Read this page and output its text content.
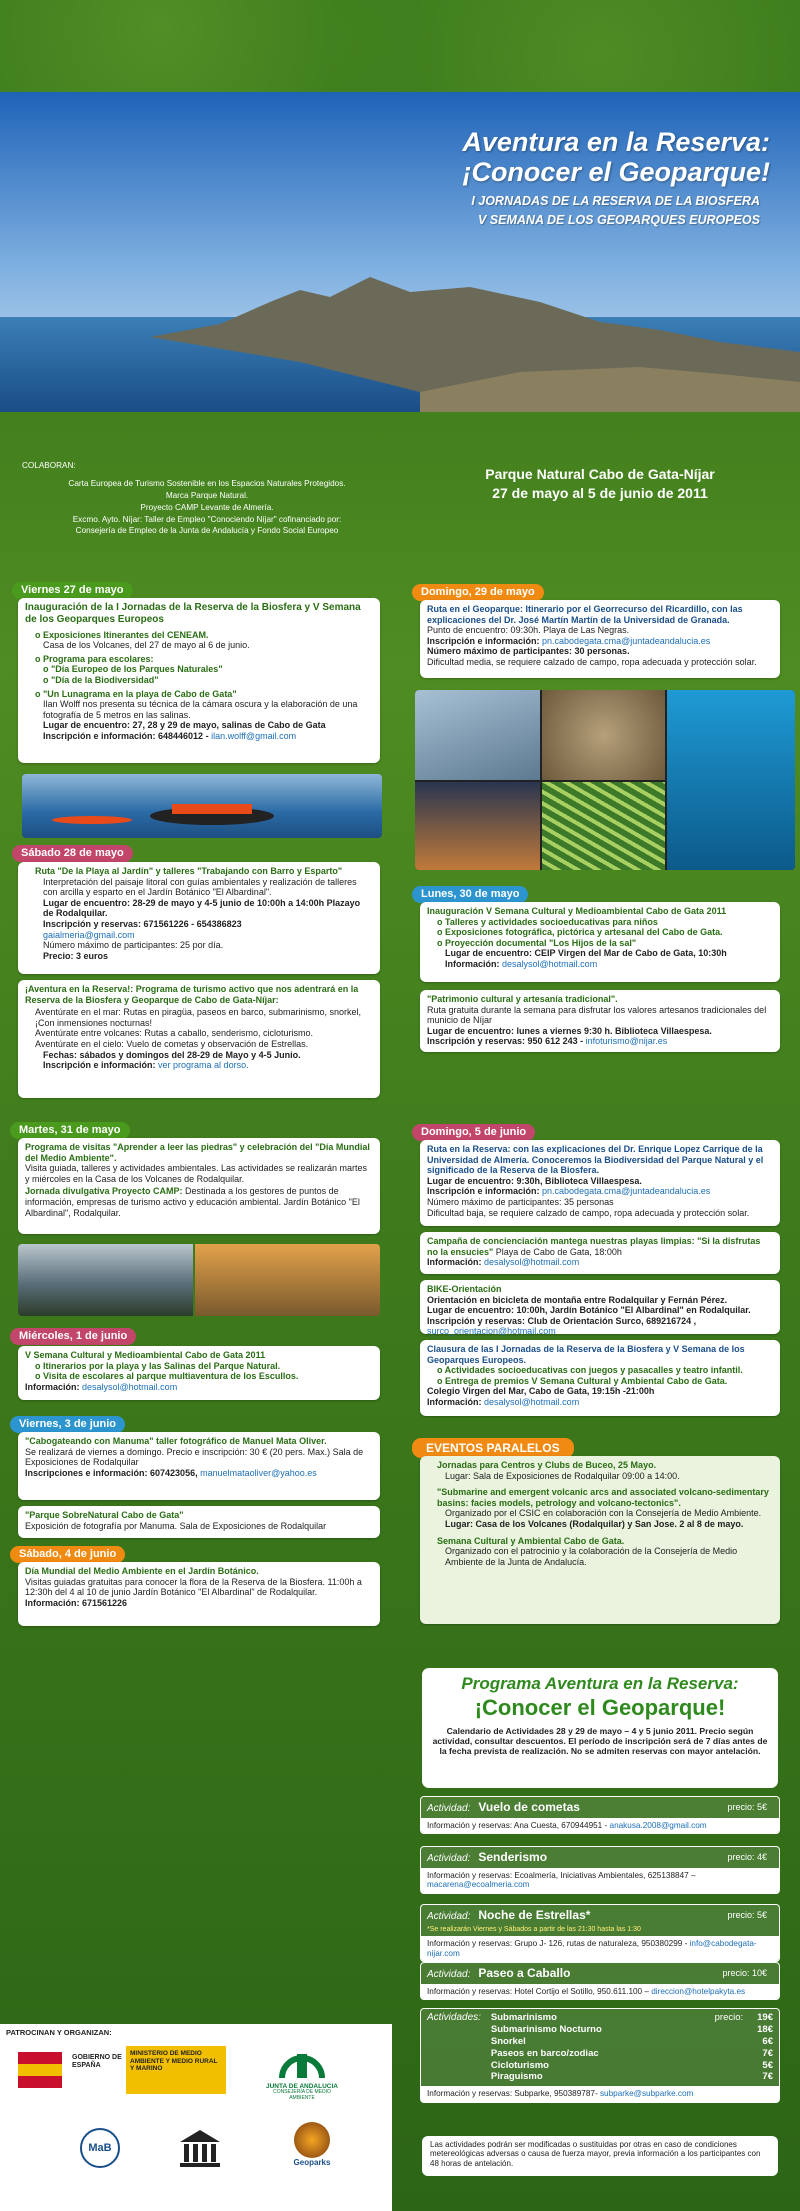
Aventura en la Reserva:
¡Conocer el Geoparque!
I JORNADAS DE LA RESERVA DE LA BIOSFERA
V SEMANA DE LOS GEOPARQUES EUROPEOS
COLABORAN:
Carta Europea de Turismo Sostenible en los Espacios Naturales Protegidos.
Marca Parque Natural.
Proyecto CAMP Levante de Almería.
Excmo. Ayto. Níjar: Taller de Empleo "Conociendo Níjar" cofinanciado por:
Consejería de Empleo de la Junta de Andalucía y Fondo Social Europeo
Parque Natural Cabo de Gata-Níjar
27 de mayo al 5 de junio de 2011
Viernes 27 de mayo
Inauguración de la I Jornadas de la Reserva de la Biosfera y V Semana de los Geoparques Europeos
o Exposiciones Itinerantes del CENEAM.
Casa de los Volcanes, del 27 de mayo al 6 de junio.
o Programa para escolares:
o "Día Europeo de los Parques Naturales"
o "Día de la Biodiversidad"
o "Un Lunagrama en la playa de Cabo de Gata"
Ilan Wolff nos presenta su técnica de la cámara oscura y la elaboración de una fotografía de 5 metros en las salinas.
Lugar de encuentro: 27, 28 y 29 de mayo, salinas de Cabo de Gata
Inscripción e información: 648446012 - ilan.wolff@gmail.com
Sábado 28 de mayo
Ruta "De la Playa al Jardín" y talleres "Trabajando con Barro y Esparto"
Interpretación del paisaje litoral con guías ambientales y realización de talleres con arcilla y esparto en el Jardín Botánico "El Albardinal".
Lugar de encuentro: 28-29 de mayo y 4-5 junio de 10:00h a 14:00h Plazayo de Rodalquilar.
Inscripción y reservas: 671561226 - 654386823
gaialmeria@gmail.com
Número máximo de participantes: 25 por día.
Precio: 3 euros
¡Aventura en la Reserva!: Programa de turismo activo que nos adentrará en la Reserva de la Biosfera y Geoparque de Cabo de Gata-Níjar:
Aventúrate en el mar: Rutas en piragüa, paseos en barco, submarinismo, snorkel, ¡Con inmensiones nocturnas!
Aventúrate entre volcanes: Rutas a caballo, senderismo, cicloturismo.
Aventúrate en el cielo: Vuelo de cometas y observación de Estrellas.
Fechas: sábados y domingos del 28-29 de Mayo y 4-5 Junio.
Inscripción e información: ver programa al dorso.
Domingo, 29 de mayo
Ruta en el Geoparque: Itinerario por el Georrecurso del Ricardillo, con las explicaciones del Dr. José Martín Martín de la Universidad de Granada.
Punto de encuentro: 09:30h. Playa de Las Negras.
Inscripción e información: pn.cabodegata.cma@juntadeandalucia.es
Número máximo de participantes: 30 personas.
Dificultad media, se requiere calzado de campo, ropa adecuada y protección solar.
Lunes, 30 de mayo
Inauguración V Semana Cultural y Medioambiental Cabo de Gata 2011
o Talleres y actividades socioeducativas para niños
o Exposiciones fotográfica, pictórica y artesanal del Cabo de Gata.
o Proyección documental "Los Hijos de la sal"
Lugar de encuentro: CEIP Virgen del Mar de Cabo de Gata, 10:30h
Información: desalysol@hotmail.com
"Patrimonio cultural y artesanía tradicional".
Ruta gratuita durante la semana para disfrutar los valores artesanos tradicionales del municio de Níjar
Lugar de encuentro: lunes a viernes 9:30 h. Biblioteca Villaespesa.
Inscripción y reservas: 950 612 243 - infoturismo@nijar.es
Martes, 31 de mayo
Programa de visitas "Aprender a leer las piedras" y celebración del "Día Mundial del Medio Ambiente".
Visita guiada, talleres y actividades ambientales. Las actividades se realizarán martes y miércoles en la Casa de los Volcanes de Rodalquilar.
Jornada divulgativa Proyecto CAMP: Destinada a los gestores de puntos de información, empresas de turismo activo y educación ambiental. Jardín Botánico "El Albardinal", Rodalquilar.
Miércoles, 1 de junio
V Semana Cultural y Medioambiental Cabo de Gata 2011
o Itinerarios por la playa y las Salinas del Parque Natural.
o Visita de escolares al parque multiaventura de los Escullos.
Información: desalysol@hotmail.com
Viernes, 3 de junio
"Cabogateando con Manuma" taller fotográfico de Manuel Mata Oliver.
Se realizará de viernes a domingo. Precio e inscripción: 30 € (20 pers. Max.) Sala de Exposiciones de Rodalquilar
Inscripciones e información: 607423056, manuelmataoliver@yahoo.es
"Parque SobreNatural Cabo de Gata"
Exposición de fotografía por Manuma. Sala de Exposiciones de Rodalquilar
Sábado, 4 de junio
Día Mundial del Medio Ambiente en el Jardín Botánico.
Visitas guiadas gratuitas para conocer la flora de la Reserva de la Biosfera. 11:00h a 12:30h del 4 al 10 de junio Jardín Botánico "El Albardinal" de Rodalquilar.
Información: 671561226
Domingo, 5 de junio
Ruta en la Reserva: con las explicaciones del Dr. Enrique Lopez Carrique de la Universidad de Almería. Conoceremos la Biodiversidad del Parque Natural y el significado de la Reserva de la Biosfera.
Lugar de encuentro: 9:30h, Biblioteca Villaespesa.
Inscripción e información: pn.cabodegata.cma@juntadeandalucia.es
Número máximo de participantes: 35 personas
Dificultad baja, se requiere calzado de campo, ropa adecuada y protección solar.
Campaña de concienciación mantega nuestras playas limpias: "Si la disfrutas no la ensucies" Playa de Cabo de Gata, 18:00h
Información: desalysol@hotmail.com
BIKE-Orientación
Orientación en bicicleta de montaña entre Rodalquilar y Fernán Pérez.
Lugar de encuentro: 10:00h, Jardín Botánico "El Albardinal" en Rodalquilar.
Inscripción y reservas: Club de Orientación Surco, 689216724 , surco_orientacion@hotmail.com
Clausura de las I Jornadas de la Reserva de la Biosfera y V Semana de los Geoparques Europeos.
o Actividades socioeducativas con juegos y pasacalles y teatro infantil.
o Entrega de premios V Semana Cultural y Ambiental Cabo de Gata.
Colegio Virgen del Mar, Cabo de Gata, 19:15h -21:00h
Información: desalysol@hotmail.com
EVENTOS PARALELOS
Jornadas para Centros y Clubs de Buceo, 25 Mayo.
Lugar: Sala de Exposiciones de Rodalquilar 09:00 a 14:00.
"Submarine and emergent volcanic arcs and associated volcano-sedimentary basins: facies models, petrology and volcano-tectonics".
Organizado por el CSIC en colaboración con la Consejería de Medio Ambiente.
Lugar: Casa de los Volcanes (Rodalquilar) y San Jose. 2 al 8 de mayo.
Semana Cultural y Ambiental Cabo de Gata.
Organizado con el patrocinio y la colaboración de la Consejería de Medio Ambiente de la Junta de Andalucía.
Programa Aventura en la Reserva:
¡Conocer el Geoparque!
Calendario de Actividades 28 y 29 de mayo – 4 y 5 junio 2011. Precio según actividad, consultar descuentos. El período de inscripción será de 7 días antes de la fecha prevista de realización. No se admiten reservas con mayor antelación.
Actividad: Vuelo de cometas	precio: 5€
Información y reservas: Ana Cuesta, 670944951 - anakusa.2008@gmail.com
Actividad: Senderismo	precio: 4€
Información y reservas: Ecoalmería, Iniciativas Ambientales, 625138847 – macarena@ecoalmeria.com
Actividad: Noche de Estrellas*	precio: 5€
*Se realizarán Viernes y Sábados a partir de las 21:30 hasta las 1:30
Información y reservas: Grupo J- 126, rutas de naturaleza, 950380299 - info@cabodegata-nijar.com
Actividad: Paseo a Caballo	precio: 10€
Información y reservas: Hotel Cortijo el Sotillo, 950.611.100 – direccion@hotelpakyta.es
Actividades: Submarinismo	precio: 19€
Submarinismo Nocturno	18€
Snorkel	6€
Paseos en barco/zodiac	7€
Cicloturismo	5€
Piraguismo	7€
Información y reservas: Subparke, 950389787- subparke@subparke.com
Las actividades podrán ser modificadas o sustituidas por otras en caso de condiciones metereológicas adversas o causa de fuerza mayor, previa información a los participantes con 48 horas de antelación.
PATROCINAN Y ORGANIZAN:
GOBIERNO DE ESPAÑA
MINISTERIO DE MEDIO AMBIENTE Y MEDIO RURAL Y MARINO
JUNTA DE ANDALUCIA
CONSEJERÍA DE MEDIO AMBIENTE
MaB
Geoparks
